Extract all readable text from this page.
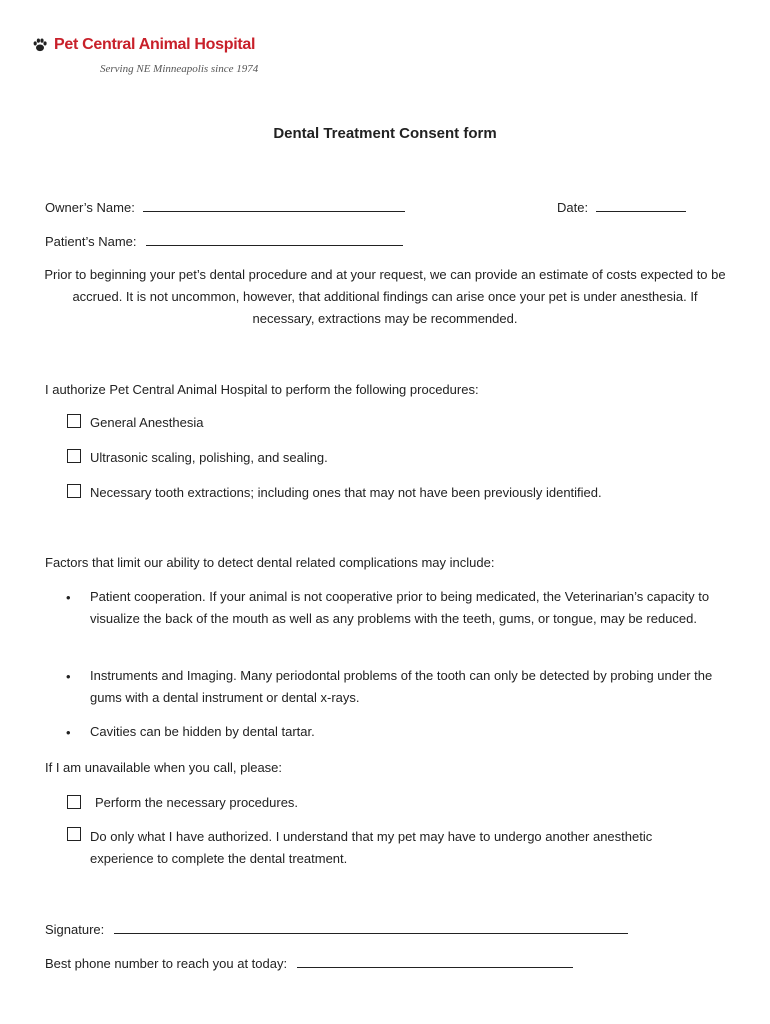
Pet Central Animal Hospital
Serving NE Minneapolis since 1974
Dental Treatment Consent form
Owner’s Name:	Date:
Patient’s Name:
Prior to beginning your pet’s dental procedure and at your request, we can provide an estimate of costs expected to be accrued. It is not uncommon, however, that additional findings can arise once your pet is under anesthesia. If necessary, extractions may be recommended.
I authorize Pet Central Animal Hospital to perform the following procedures:
General Anesthesia
Ultrasonic scaling, polishing, and sealing.
Necessary tooth extractions; including ones that may not have been previously identified.
Factors that limit our ability to detect dental related complications may include:
• Patient cooperation. If your animal is not cooperative prior to being medicated, the Veterinarian’s capacity to visualize the back of the mouth as well as any problems with the teeth, gums, or tongue, may be reduced.
• Instruments and Imaging. Many periodontal problems of the tooth can only be detected by probing under the gums with a dental instrument or dental x-rays.
• Cavities can be hidden by dental tartar.
If I am unavailable when you call, please:
Perform the necessary procedures.
Do only what I have authorized. I understand that my pet may have to undergo another anesthetic experience to complete the dental treatment.
Signature:
Best phone number to reach you at today:
